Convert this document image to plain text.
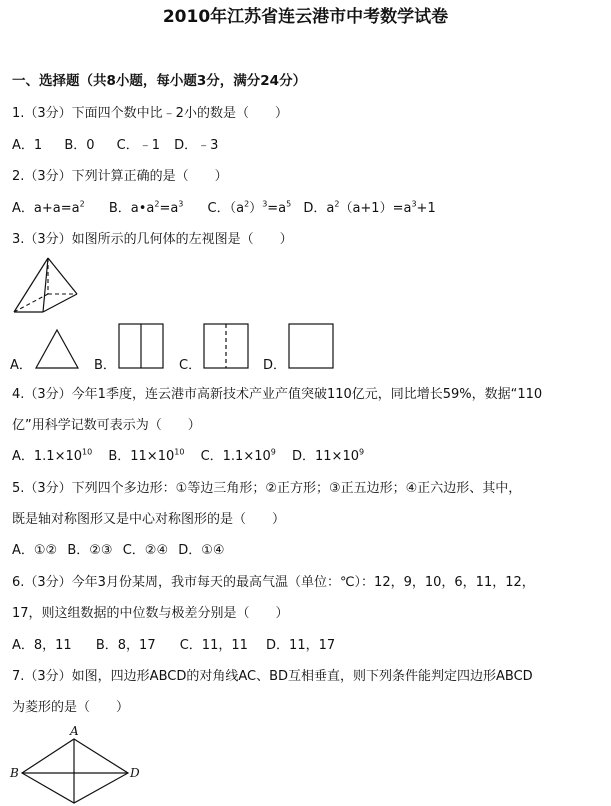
2010年江苏省连云港市中考数学试卷
一、选择题（共8小题，每小题3分，满分24分）
1.（3分）下面四个数中比﹣2小的数是（　　）
A．1 B．0 C．﹣1 D．﹣3
2.（3分）下列计算正确的是（　　）
A．$a+a=a^2$ B．$a•a^2=a^3$ C．$(a^2)^3=a^5$ D．$a^2(a+1)=a^3+1$
3.（3分）如图所示的几何体的左视图是（　　）
A．	B．	C．	D．
4.（3分）今年1季度，连云港市高新技术产业产值突破110亿元，同比增长59%，数据“110
亿”用科学记数可表示为（　　）
A．$1.1\times 10^{10}$ B．$11\times 10^{10}$ C．$1.1\times 10^9$ D．$11\times 10^9$
5.（3分）下列四个多边形：①等边三角形；②正方形；③正五边形；④正六边形、其中，
既是轴对称图形又是中心对称图形的是（　　）
A．①② B．②③ C．②④ D．①④
6.（3分）今年3月份某周，我市每天的最高气温（单位：℃）：12，9，10，6，11，12，
17，则这组数据的中位数与极差分别是（　　）
A．8，11 B．8，17 C．11，11 D．11，17
7.（3分）如图，四边形ABCD的对角线AC、BD互相垂直，则下列条件能判定四边形ABCD
为菱形的是（　　）
A
B	D
